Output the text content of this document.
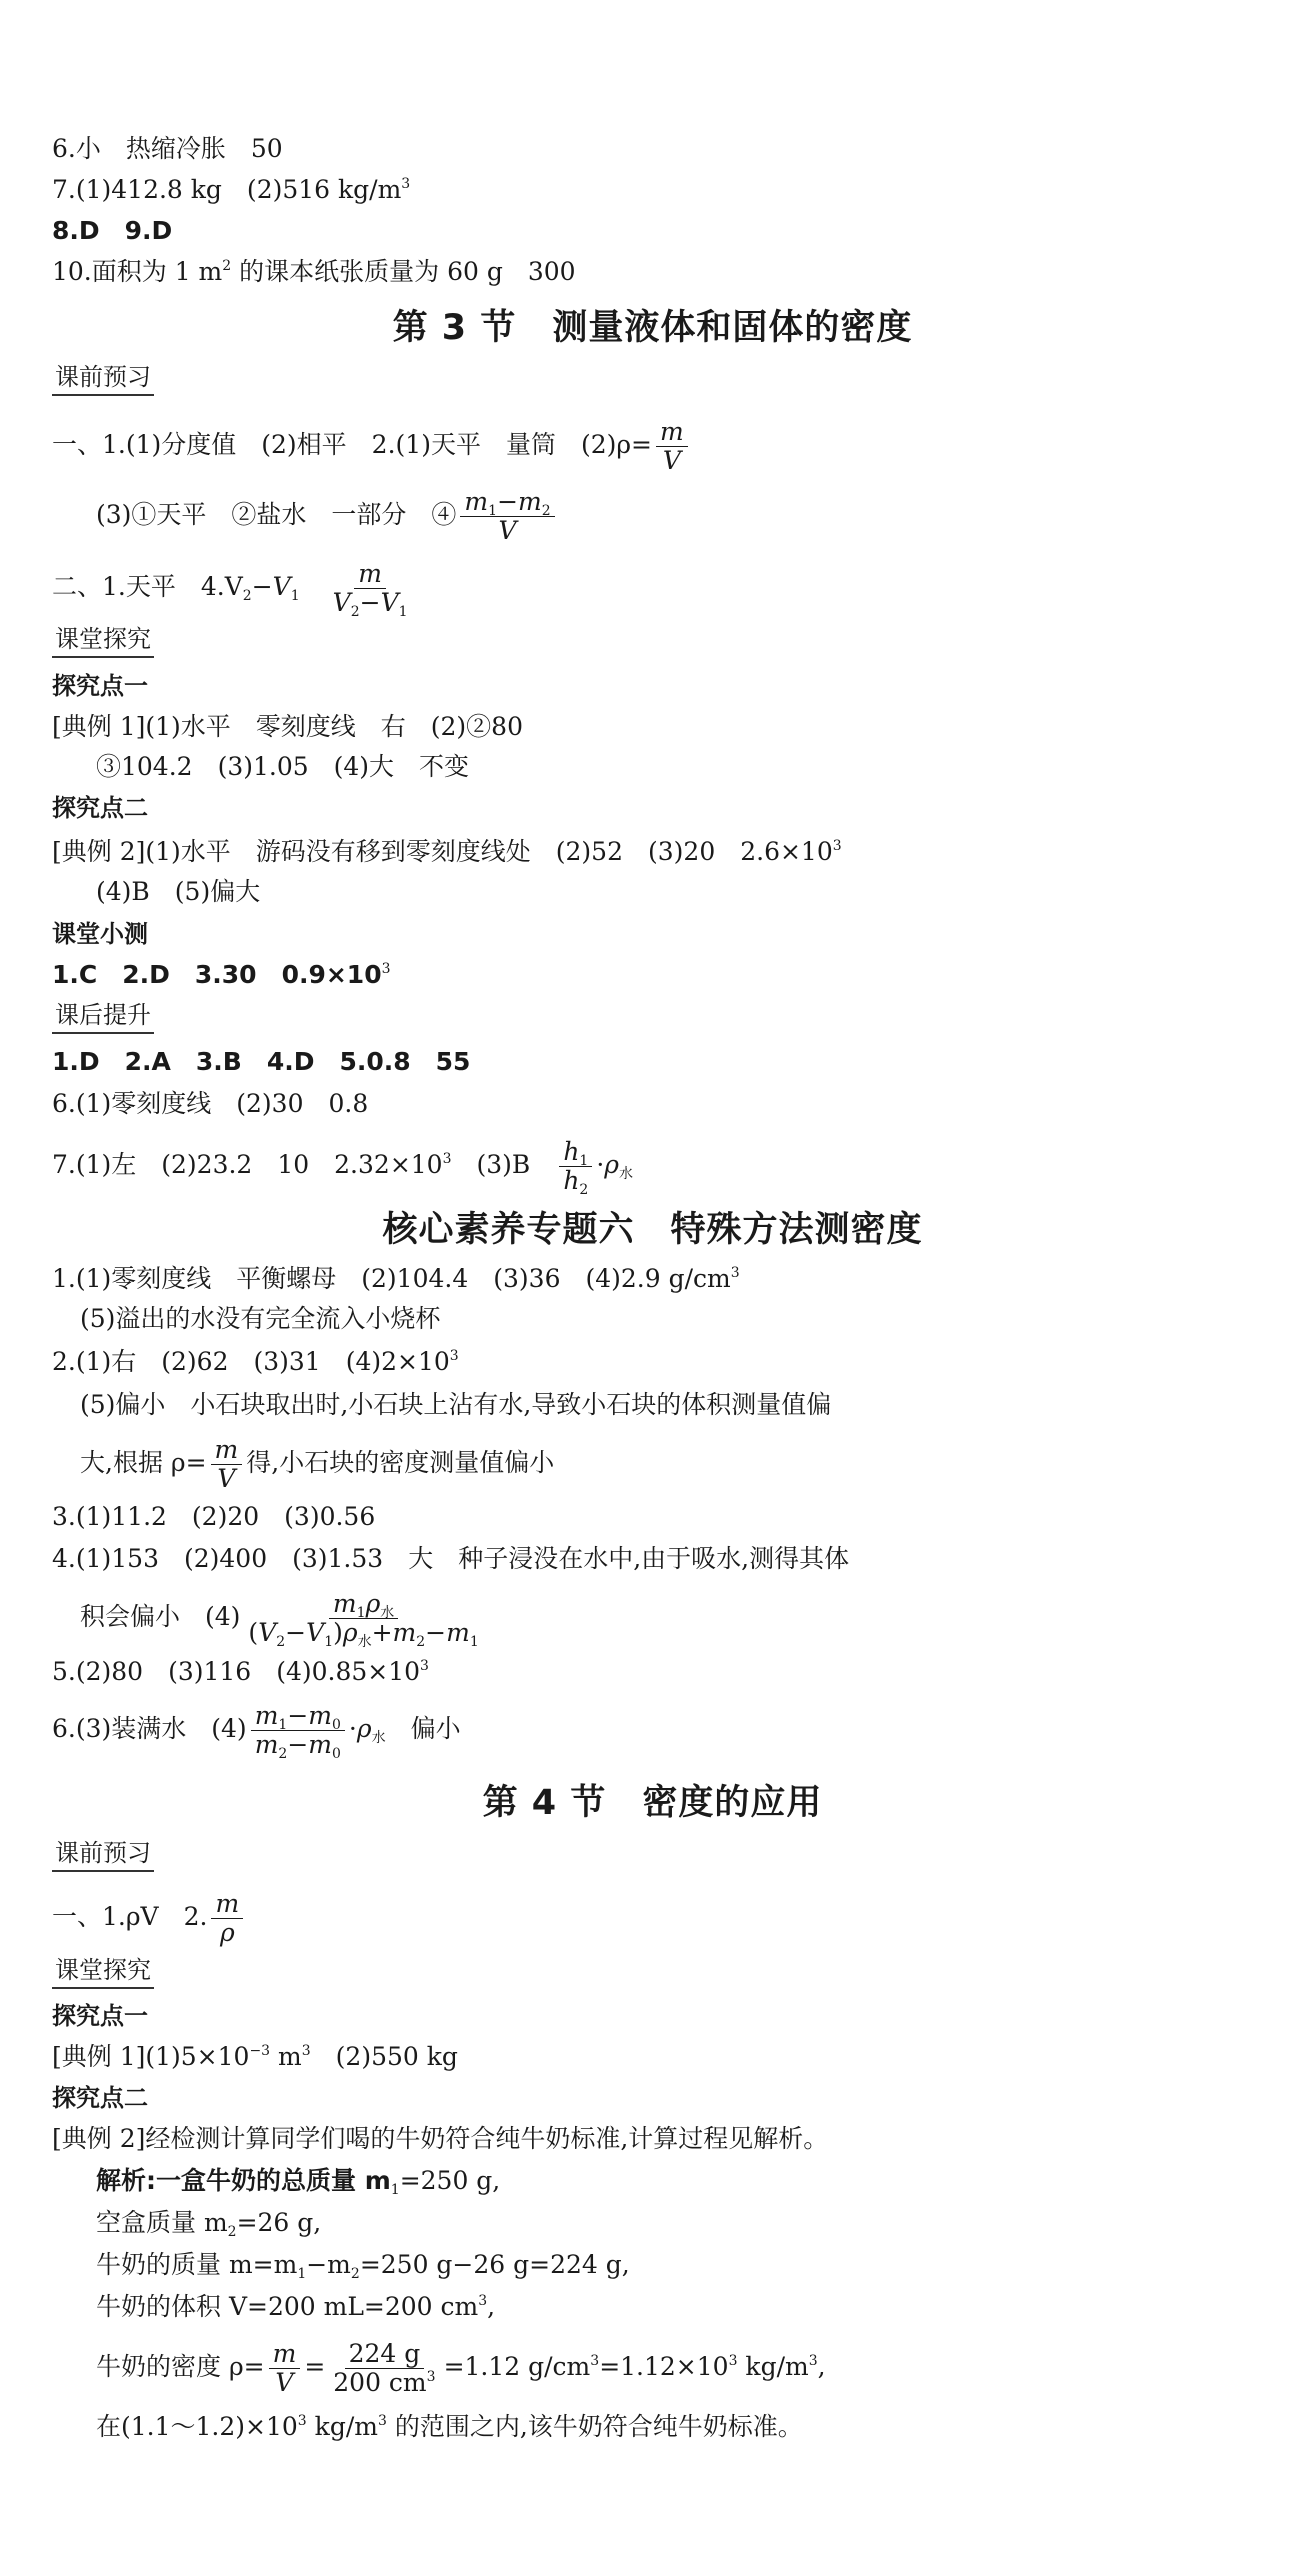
6.小　热缩冷胀　50
7.(1)412.8 kg　(2)516 $kg/m^3$
8.D　9.D
10.面积为 1 $m^2$ 的课本纸张质量为 60 g　300
第 3 节　测量液体和固体的密度
课前预习
一、1.(1)分度值　(2)相平　2.(1)天平　量筒　$(2)\rho= \frac{m}{V}$
(3)①天平　②盐水　一部分　④ $\frac{m_1-m_2}{V}$
二、1.天平　$4.V_2-V_1$　 $\frac{m}{V_2-V_1}$
课堂探究
探究点一
[典例 1](1)水平　零刻度线　右　(2)②80
③104.2　(3)1.05　(4)大　不变
探究点二
[典例 2](1)水平　游码没有移到零刻度线处　(2)52　(3)20　$2.6\times 10^3$
(4)B　(5)偏大
课堂小测
1.C　2.D　3.30　$0.9\times 10^3$
课后提升
1.D　2.A　3.B　4.D　5.0.8　55
6.(1)零刻度线　(2)30　0.8
7.(1)左　(2)23.2　10　$2.32\times 10^3$　(3)B　 $\frac{h_1}{h_2} \cdot\rho_水$
核心素养专题六　特殊方法测密度
1.(1)零刻度线　平衡螺母　(2)104.4　(3)36　(4)2.9 $g/cm^3$
(5)溢出的水没有完全流入小烧杯
2.(1)右　(2)62　(3)31　$(4)2\times 10^3$
(5)偏小　小石块取出时,小石块上沾有水,导致小石块的体积测量值偏
大,根据 $\rho= \frac{m}{V}$ 得,小石块的密度测量值偏小
3.(1)11.2　(2)20　(3)0.56
4.(1)153　(2)400　(3)1.53　大　种子浸没在水中,由于吸水,测得其体
积会偏小　(4)	$m_1\rho_水$
$(V_2-V_1)\rho_水+m_2-m_1$
5.(2)80　(3)116　$(4)0.85\times 10^3$
6.(3)装满水　$(4) \frac{m_1-m_0}{m_2-m_0} \cdot\rho_水$　 偏小
第 4 节　密度的应用
课前预习
一、1.ρV　2. $\frac{m}{\rho}$
课堂探究
探究点一
[典例 $1](1)5\times 10^{-3}$ $m^3$　(2)550 kg
探究点二
[典例 2]经检测计算同学们喝的牛奶符合纯牛奶标准,计算过程见解析。
解析:一盒牛奶的总质量 $m_1=250$ g,
空盒质量 $m_2=26$ g,
牛奶的质量 $m=m_1-m_2=250$ g−26 g=224 g,
牛奶的体积 V=200 mL=200 $cm^3$,
牛奶的密度 $\rho= \frac{m}{V} = \frac{224 g}{200 cm^3} =1.12$ $g/cm^3=1.12\times 10^3$ $kg/m^3$,
在$(1.1\sim 1.2)\times 10^3$ $kg/m^3$ 的范围之内,该牛奶符合纯牛奶标准。
